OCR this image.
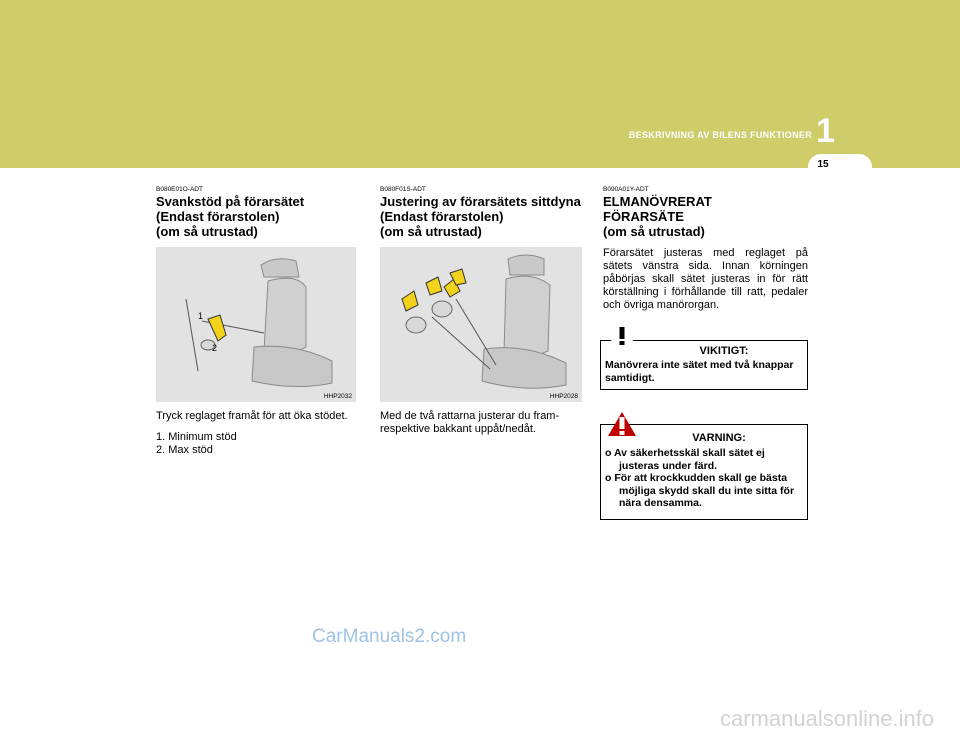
BESKRIVNING AV BILENS FUNKTIONER 1
15
B080E01O-ADT
Svankstöd på förarsätet
(Endast förarstolen)
(om så utrustad)
1
2
HHP2032
Tryck reglaget framåt för att öka stödet.
1. Minimum stöd
2. Max stöd
B080F01S-ADT
Justering av förarsätets sittdyna
(Endast förarstolen)
(om så utrustad)
HHP2028
Med de två rattarna justerar du fram- respektive bakkant uppåt/nedåt.
B090A01Y-ADT
ELMANÖVRERAT
FÖRARSÄTE
(om så utrustad)
Förarsätet justeras med reglaget på sätets vänstra sida. Innan körningen påbörjas skall sätet justeras in för rätt körställning i förhållande till ratt, pedaler och övriga manörorgan.
VIKITIGT:
Manövrera inte sätet med två knappar samtidigt.
VARNING:
o Av säkerhetsskäl skall sätet ej justeras under färd.
o För att krockkudden skall ge bästa möjliga skydd skall du inte sitta för nära densamma.
CarManuals2.com
carmanualsonline.info
